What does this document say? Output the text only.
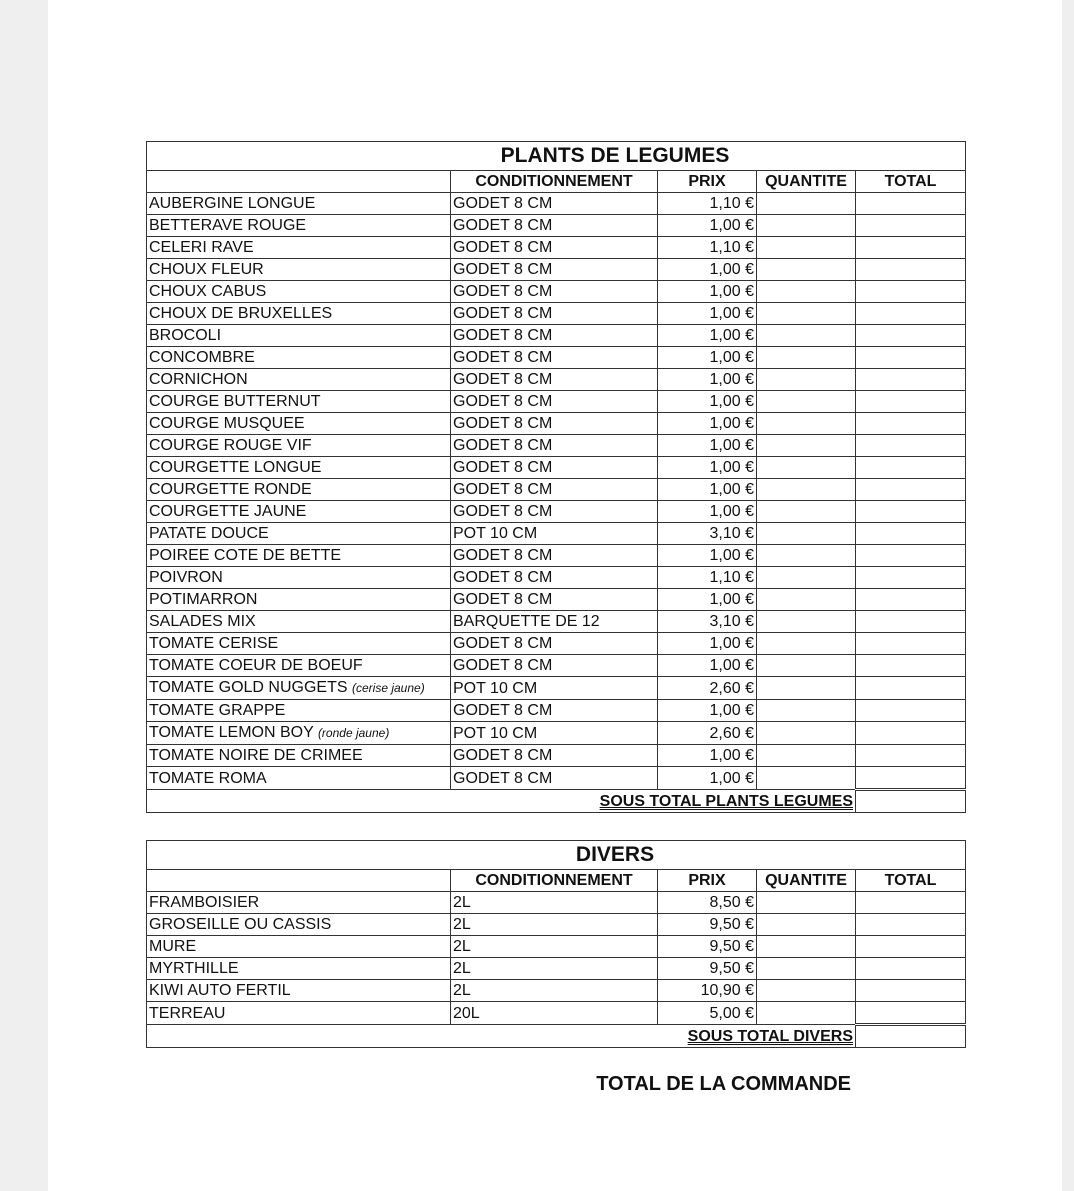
PLANTS DE LEGUMES				
	CONDITIONNEMENT	PRIX	QUANTITE	TOTAL
AUBERGINE LONGUE	GODET 8 CM	1,10 €		
BETTERAVE ROUGE	GODET 8 CM	1,00 €		
CELERI RAVE	GODET 8 CM	1,10 €		
CHOUX FLEUR	GODET 8 CM	1,00 €		
CHOUX CABUS	GODET 8 CM	1,00 €		
CHOUX DE BRUXELLES	GODET 8 CM	1,00 €		
BROCOLI	GODET 8 CM	1,00 €		
CONCOMBRE	GODET 8 CM	1,00 €		
CORNICHON	GODET 8 CM	1,00 €		
COURGE BUTTERNUT	GODET 8 CM	1,00 €		
COURGE MUSQUEE	GODET 8 CM	1,00 €		
COURGE ROUGE VIF	GODET 8 CM	1,00 €		
COURGETTE LONGUE	GODET 8 CM	1,00 €		
COURGETTE RONDE	GODET 8 CM	1,00 €		
COURGETTE JAUNE	GODET 8 CM	1,00 €		
PATATE DOUCE	POT 10 CM	3,10 €		
POIREE COTE DE BETTE	GODET 8 CM	1,00 €		
POIVRON	GODET 8 CM	1,10 €		
POTIMARRON	GODET 8 CM	1,00 €		
SALADES MIX	BARQUETTE DE 12	3,10 €		
TOMATE CERISE	GODET 8 CM	1,00 €		
TOMATE COEUR DE BOEUF	GODET 8 CM	1,00 €		
TOMATE GOLD NUGGETS (cerise jaune)	POT 10 CM	2,60 €		
TOMATE GRAPPE	GODET 8 CM	1,00 €		
TOMATE LEMON BOY (ronde jaune)	POT 10 CM	2,60 €		
TOMATE NOIRE DE CRIMEE	GODET 8 CM	1,00 €		
TOMATE ROMA	GODET 8 CM	1,00 €		
SOUS TOTAL PLANTS LEGUMES				
DIVERS				
	CONDITIONNEMENT	PRIX	QUANTITE	TOTAL
FRAMBOISIER	2L	8,50 €		
GROSEILLE OU CASSIS	2L	9,50 €		
MURE	2L	9,50 €		
MYRTHILLE	2L	9,50 €		
KIWI AUTO FERTIL	2L	10,90 €		
TERREAU	20L	5,00 €		
SOUS TOTAL DIVERS				
TOTAL DE LA COMMANDE
